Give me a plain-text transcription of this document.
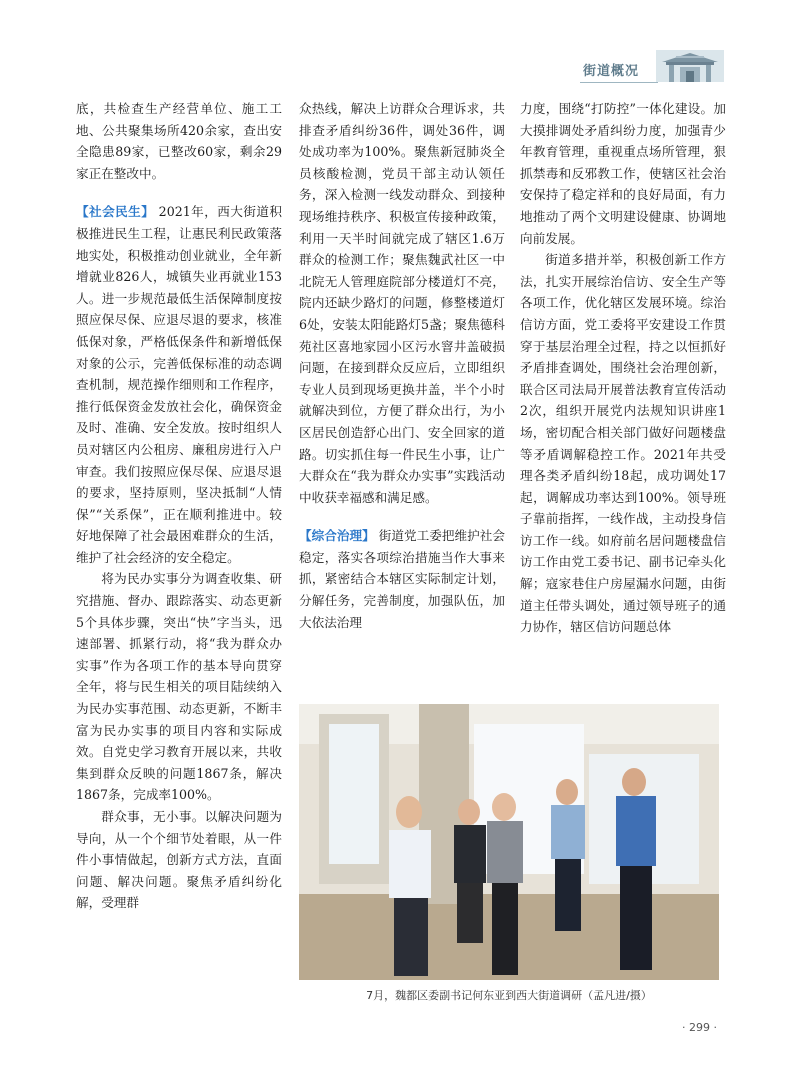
街道概况

底，共检查生产经营单位、施工工地、公共聚集场所420余家，查出安全隐患89家，已整改60家，剩余29家正在整改中。

【社会民生】 2021年，西大街道积极推进民生工程，让惠民利民政策落地实处，积极推动创业就业，全年新增就业826人，城镇失业再就业153人。进一步规范最低生活保障制度按照应保尽保、应退尽退的要求，核准低保对象，严格低保条件和新增低保对象的公示，完善低保标准的动态调查机制，规范操作细则和工作程序，推行低保资金发放社会化，确保资金及时、准确、安全发放。按时组织人员对辖区内公租房、廉租房进行入户审查。我们按照应保尽保、应退尽退的要求，坚持原则，坚决抵制“人情保”“关系保”，正在顺利推进中。较好地保障了社会最困难群众的生活，维护了社会经济的安全稳定。

将为民办实事分为调查收集、研究措施、督办、跟踪落实、动态更新5个具体步骤，突出“快”字当头，迅速部署、抓紧行动，将“我为群众办实事”作为各项工作的基本导向贯穿全年，将与民生相关的项目陆续纳入为民办实事范围、动态更新，不断丰富为民办实事的项目内容和实际成效。自党史学习教育开展以来，共收集到群众反映的问题1867条，解决1867条，完成率100%。

群众事，无小事。以解决问题为导向，从一个个细节处着眼，从一件件小事情做起，创新方式方法，直面问题、解决问题。聚焦矛盾纠纷化解，受理群

众热线，解决上访群众合理诉求，共排查矛盾纠纷36件，调处36件，调处成功率为100%。聚焦新冠肺炎全员核酸检测，党员干部主动认领任务，深入检测一线发动群众、到接种现场维持秩序、积极宣传接种政策，利用一天半时间就完成了辖区1.6万群众的检测工作；聚焦魏武社区一中北院无人管理庭院部分楼道灯不亮，院内还缺少路灯的问题，修整楼道灯6处，安装太阳能路灯5盏；聚焦德科苑社区喜地家园小区污水窨井盖破损问题，在接到群众反应后，立即组织专业人员到现场更换井盖，半个小时就解决到位，方便了群众出行，为小区居民创造舒心出门、安全回家的道路。切实抓住每一件民生小事，让广大群众在“我为群众办实事”实践活动中收获幸福感和满足感。

【综合治理】 街道党工委把维护社会稳定，落实各项综治措施当作大事来抓，紧密结合本辖区实际制定计划，分解任务，完善制度，加强队伍，加大依法治理

力度，围绕“打防控”一体化建设。加大摸排调处矛盾纠纷力度，加强青少年教育管理，重视重点场所管理，狠抓禁毒和反邪教工作，使辖区社会治安保持了稳定祥和的良好局面，有力地推动了两个文明建设健康、协调地向前发展。

街道多措并举，积极创新工作方法，扎实开展综治信访、安全生产等各项工作，优化辖区发展环境。综治信访方面，党工委将平安建设工作贯穿于基层治理全过程，持之以恒抓好矛盾排查调处，围绕社会治理创新，联合区司法局开展普法教育宣传活动2次，组织开展党内法规知识讲座1场，密切配合相关部门做好问题楼盘等矛盾调解稳控工作。2021年共受理各类矛盾纠纷18起，成功调处17起，调解成功率达到100%。领导班子靠前指挥，一线作战，主动投身信访工作一线。如府前名居问题楼盘信访工作由党工委书记、副书记牵头化解；寇家巷住户房屋漏水问题，由街道主任带头调处，通过领导班子的通力协作，辖区信访问题总体

7月，魏都区委副书记何东亚到西大街道调研（孟凡进/摄）
· 299 ·
